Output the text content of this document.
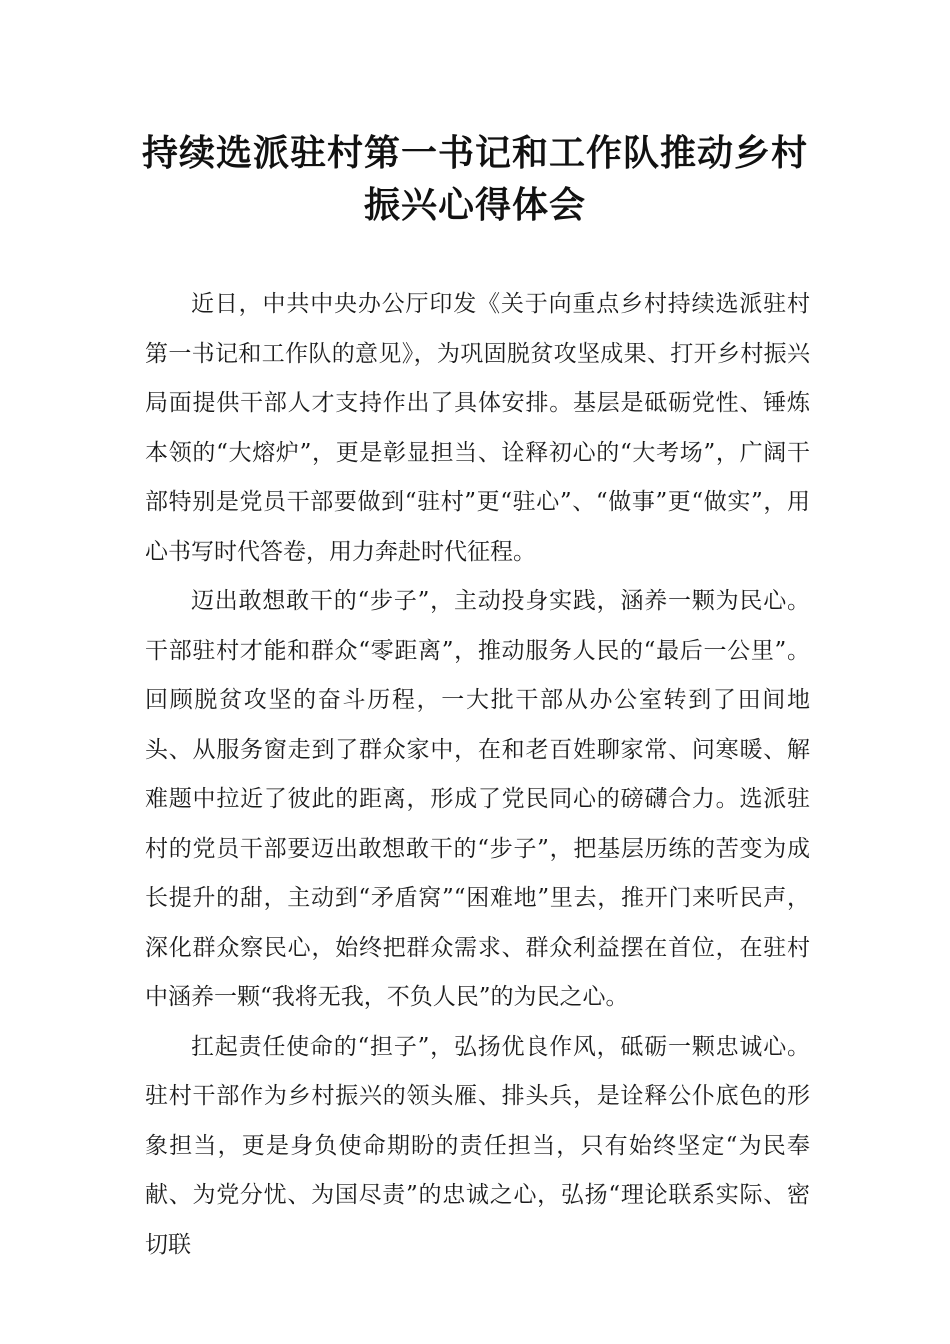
持续选派驻村第一书记和工作队推动乡村振兴心得体会

近日，中共中央办公厅印发《关于向重点乡村持续选派驻村第一书记和工作队的意见》，为巩固脱贫攻坚成果、打开乡村振兴局面提供干部人才支持作出了具体安排。基层是砥砺党性、锤炼本领的“大熔炉”，更是彰显担当、诠释初心的“大考场”，广阔干部特别是党员干部要做到“驻村”更“驻心”、“做事”更“做实”，用心书写时代答卷，用力奔赴时代征程。

迈出敢想敢干的“步子”，主动投身实践，涵养一颗为民心。干部驻村才能和群众“零距离”，推动服务人民的“最后一公里”。回顾脱贫攻坚的奋斗历程，一大批干部从办公室转到了田间地头、从服务窗走到了群众家中，在和老百姓聊家常、问寒暖、解难题中拉近了彼此的距离，形成了党民同心的磅礴合力。选派驻村的党员干部要迈出敢想敢干的“步子”，把基层历练的苦变为成长提升的甜，主动到“矛盾窝”“困难地”里去，推开门来听民声，深化群众察民心，始终把群众需求、群众利益摆在首位，在驻村中涵养一颗“我将无我，不负人民”的为民之心。

扛起责任使命的“担子”，弘扬优良作风，砥砺一颗忠诚心。驻村干部作为乡村振兴的领头雁、排头兵，是诠释公仆底色的形象担当，更是身负使命期盼的责任担当，只有始终坚定“为民奉献、为党分忧、为国尽责”的忠诚之心，弘扬“理论联系实际、密切联
